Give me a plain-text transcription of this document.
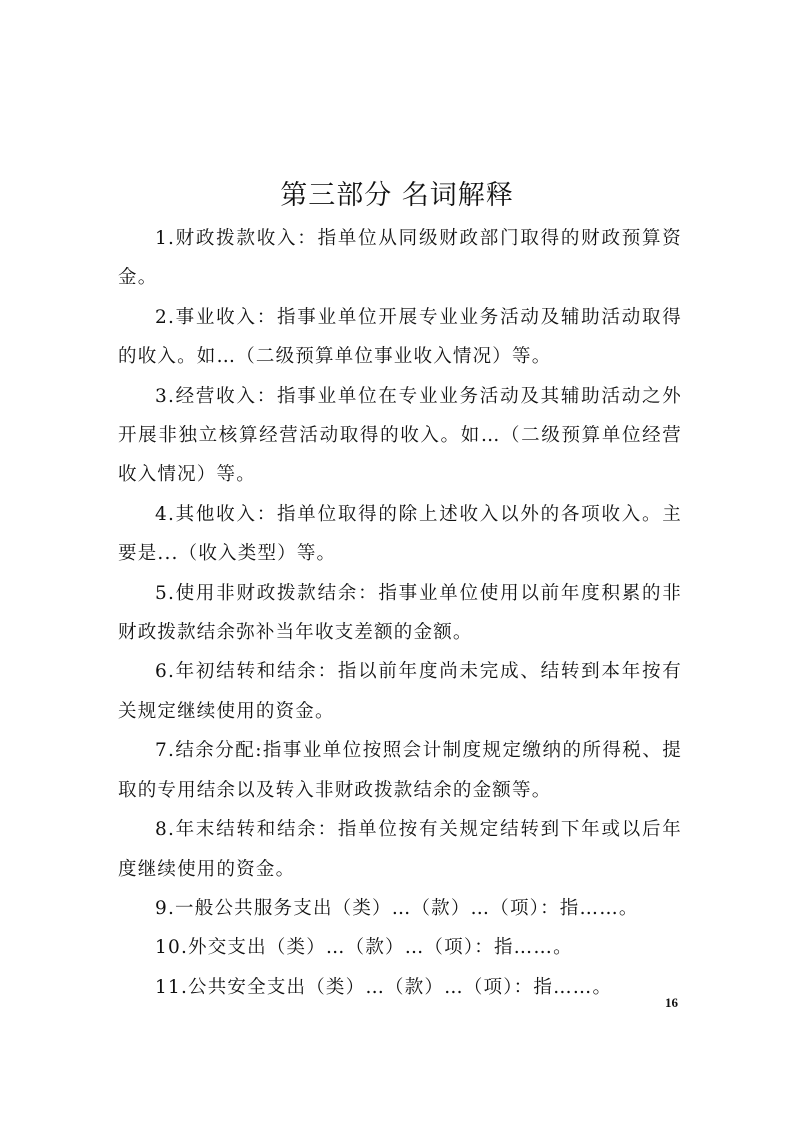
第三部分 名词解释

1.财政拨款收入：指单位从同级财政部门取得的财政预算资金。

2.事业收入：指事业单位开展专业业务活动及辅助活动取得的收入。如…（二级预算单位事业收入情况）等。

3.经营收入：指事业单位在专业业务活动及其辅助活动之外开展非独立核算经营活动取得的收入。如…（二级预算单位经营收入情况）等。

4.其他收入：指单位取得的除上述收入以外的各项收入。主要是...（收入类型）等。

5.使用非财政拨款结余：指事业单位使用以前年度积累的非财政拨款结余弥补当年收支差额的金额。

6.年初结转和结余：指以前年度尚未完成、结转到本年按有关规定继续使用的资金。

7.结余分配:指事业单位按照会计制度规定缴纳的所得税、提取的专用结余以及转入非财政拨款结余的金额等。

8.年末结转和结余：指单位按有关规定结转到下年或以后年度继续使用的资金。

9.一般公共服务支出（类）…（款）…（项）：指……。

10.外交支出（类）…（款）…（项）：指……。

11.公共安全支出（类）…（款）…（项）：指……。

16
